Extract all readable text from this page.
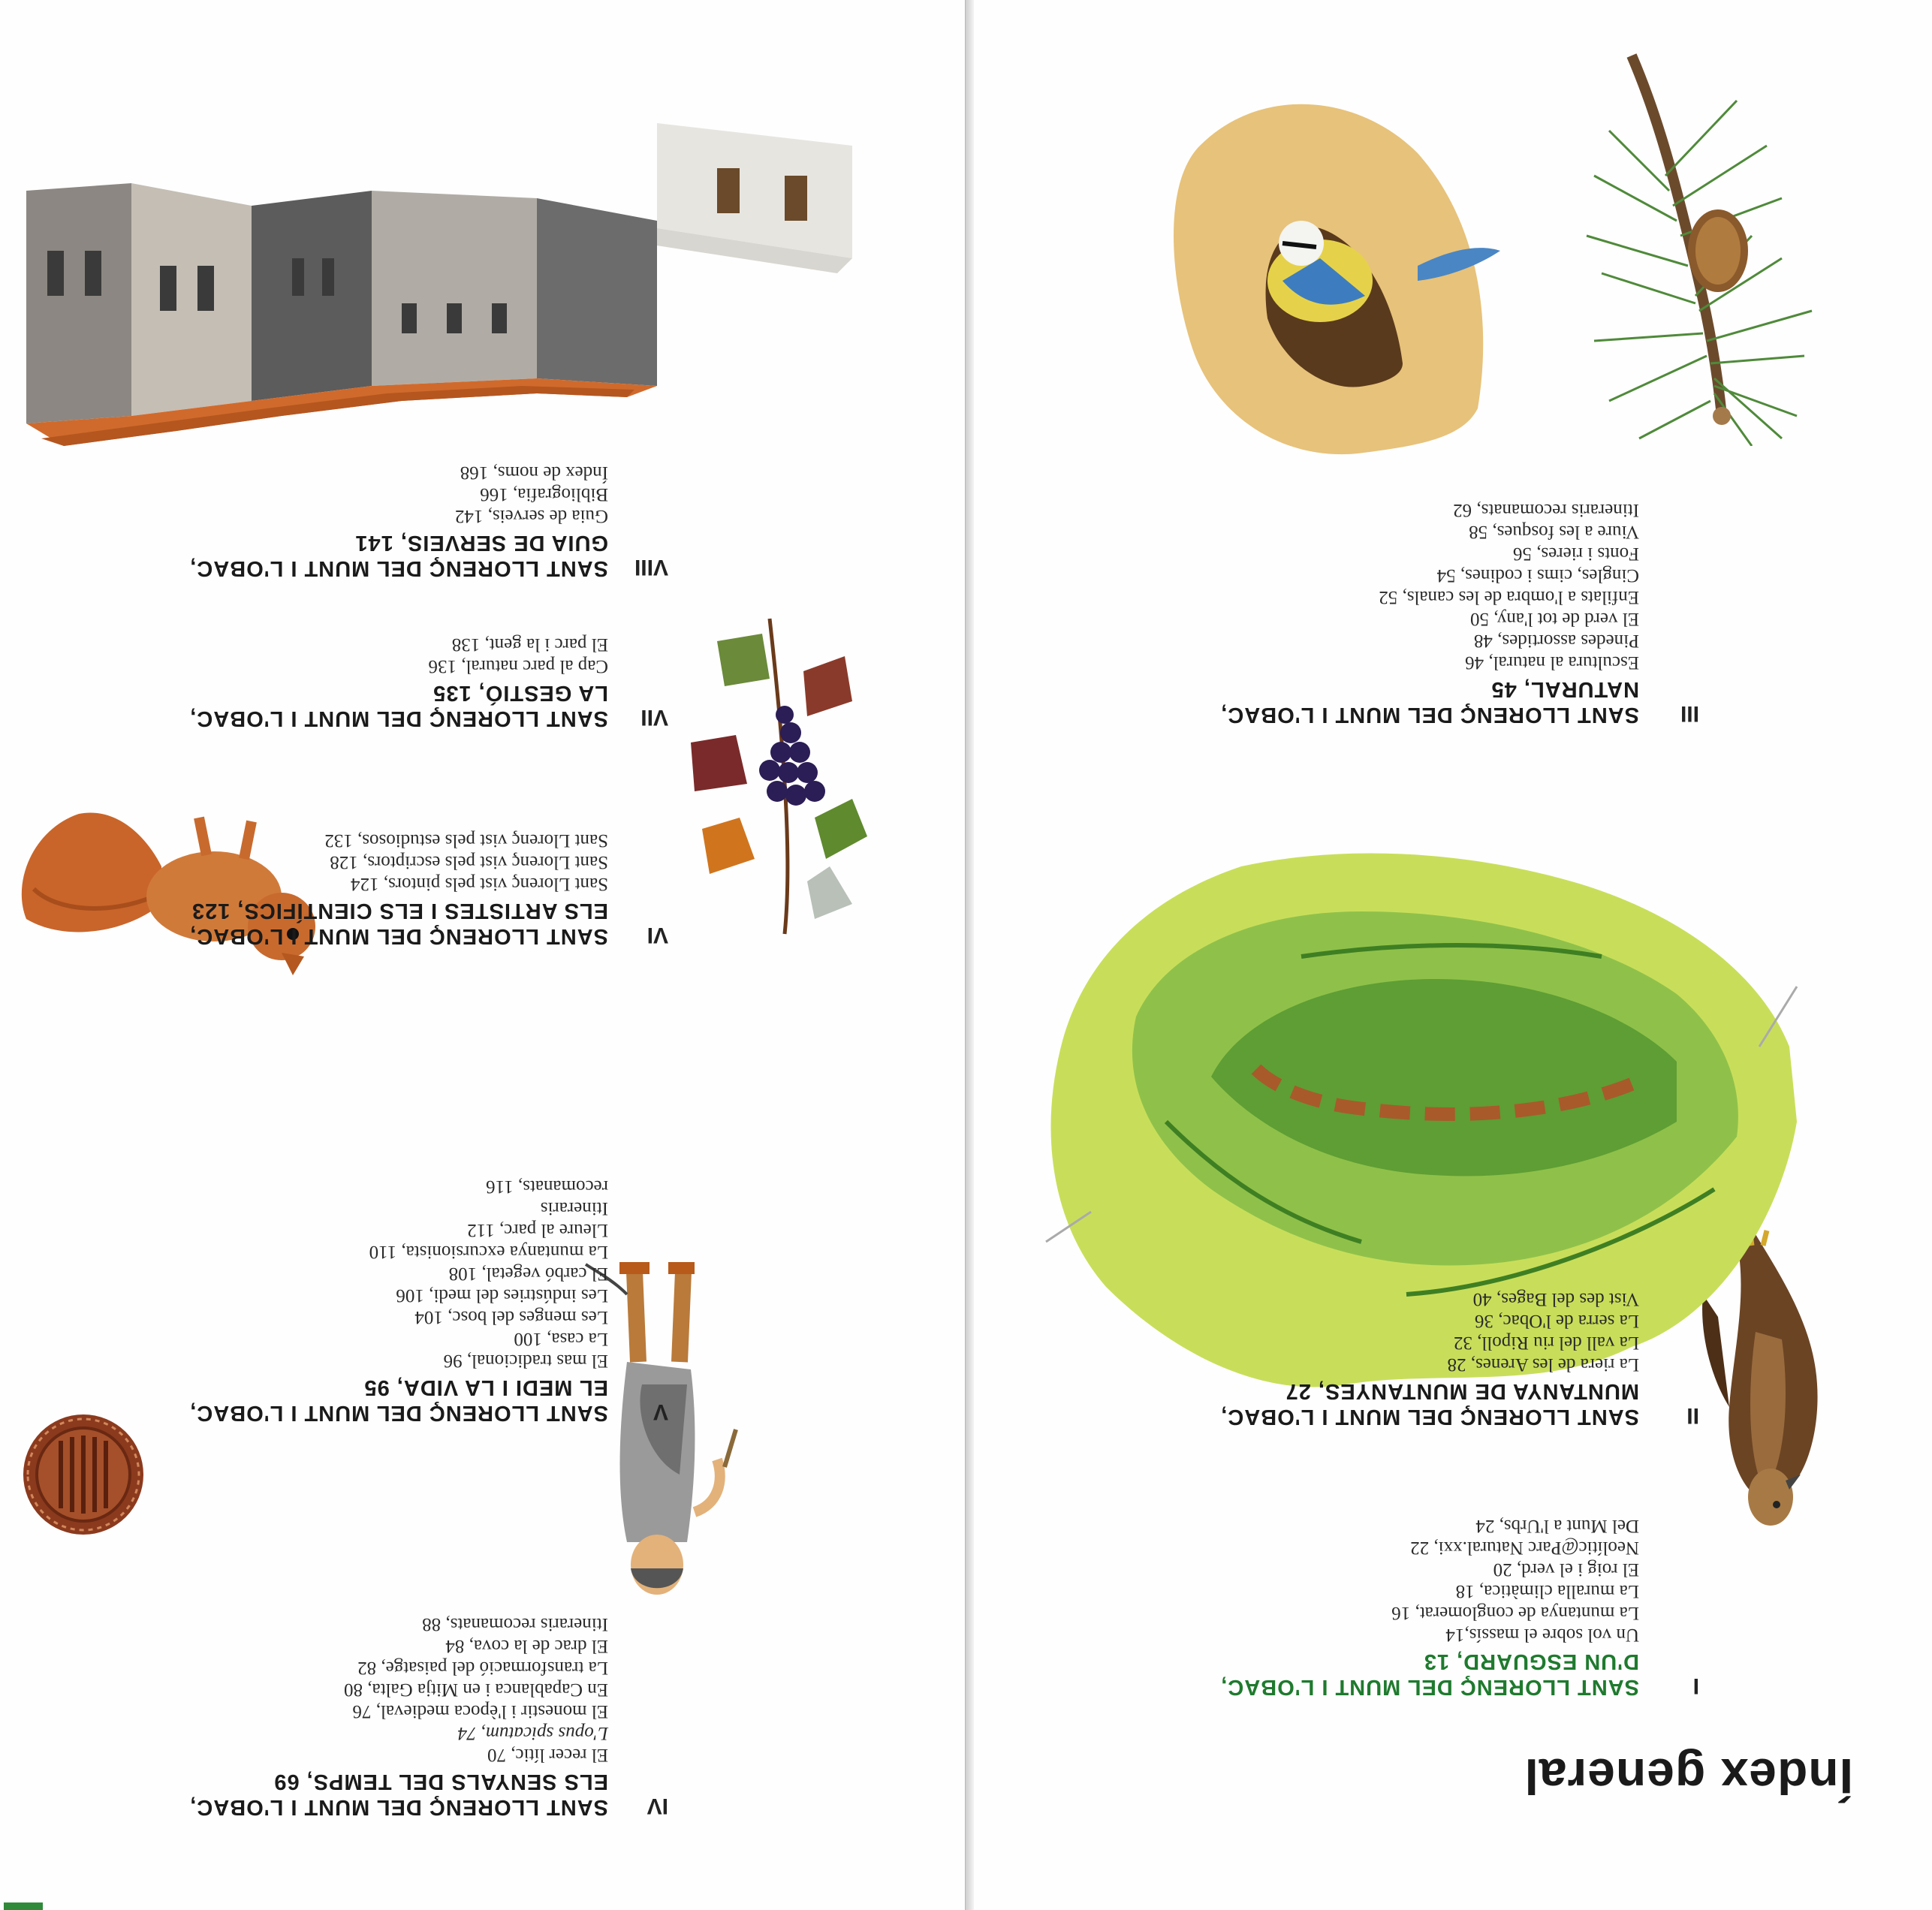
Índex general
I
SANT LLORENÇ DEL MUNT I L'OBAC,
D'UN ESGUARD, 13
Un vol sobre el massís,14
La muntanya de conglomerat, 16
La muralla climàtica, 18
El roig i el verd, 20
Neolític@Parc Natural.xxi, 22
Del Munt a l'Urbs, 24
II
SANT LLORENÇ DEL MUNT I L'OBAC,
MUNTANYA DE MUNTANYES, 27
La riera de les Arenes, 28
La vall del riu Ripoll, 32
La serra de l'Obac, 36
Vist des del Bages, 40
III
SANT LLORENÇ DEL MUNT I L'OBAC,
NATURAL, 45
Escultura al natural, 46
Pinedes assortides, 48
El verd de tot l'any, 50
Enfilats a l'ombra de les canals, 52
Cingles, cims i codines, 54
Fonts i rieres, 56
Viure a les fosques, 58
Itineraris recomanats, 62
IV
SANT LLORENÇ DEL MUNT I L'OBAC,
ELS SENYALS DEL TEMPS, 69
El recer lític, 70
L'opus spicatum, 74
El monestir i l'època medieval, 76
En Capablanca i en Mitja Galta, 80
La transformació del paisatge, 82
El drac de la cova, 84
Itineraris recomanats, 88
V
SANT LLORENÇ DEL MUNT I L'OBAC,
EL MEDI I LA VIDA, 95
El mas tradicional, 96
La casa, 100
Les menges del bosc, 104
Les indústries del medi, 106
El carbó vegetal, 108
La muntanya excursionista, 110
Lleure al parc, 112
Itineraris
recomanats, 116
VI
SANT LLORENÇ DEL MUNT I L'OBAC,
ELS ARTISTES I ELS CIENTÍFICS, 123
Sant Llorenç vist pels pintors, 124
Sant Llorenç vist pels escriptors, 128
Sant Llorenç vist pels estudiosos, 132
VII
SANT LLORENÇ DEL MUNT I L'OBAC,
LA GESTIÓ, 135
Cap al parc natural, 136
El parc i la gent, 138
VIII
SANT LLORENÇ DEL MUNT I L'OBAC,
GUIA DE SERVEIS, 141
Guia de serveis, 142
Bibliografia, 166
Índex de noms, 168
